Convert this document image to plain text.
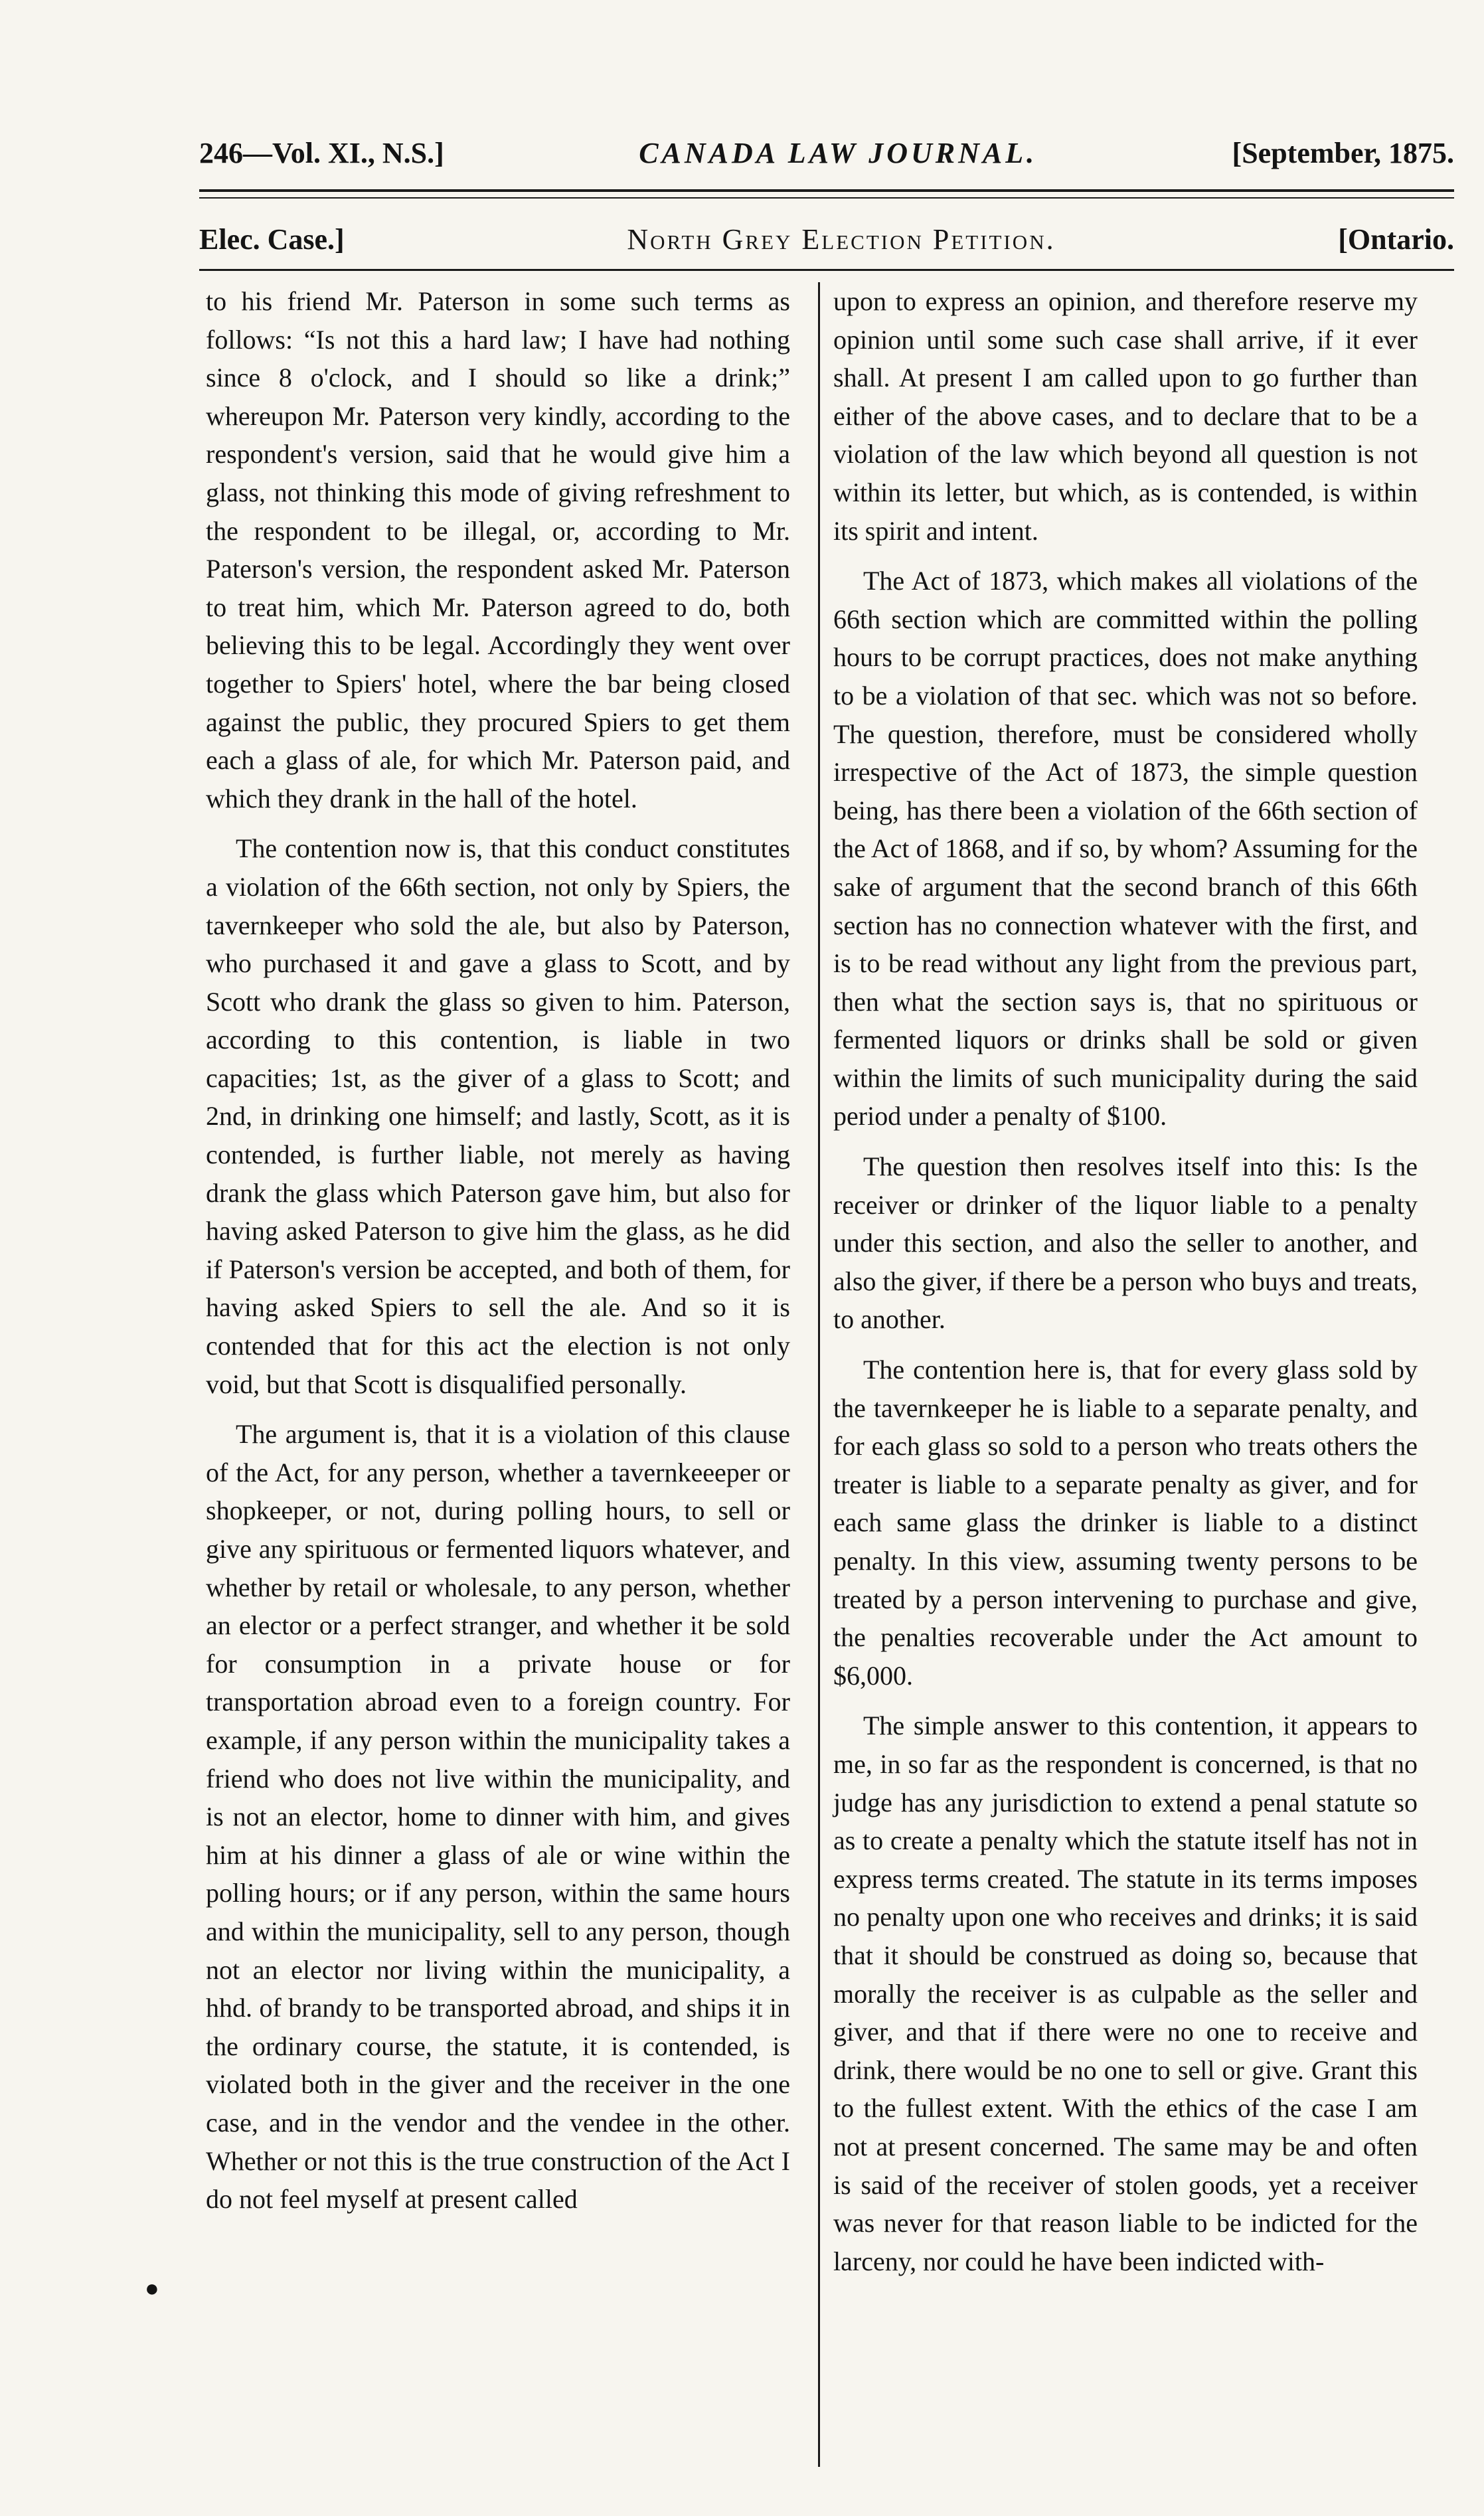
246—Vol. XI., N.S.]	CANADA LAW JOURNAL.	[September, 1875.
Elec. Case.]	North Grey Election Petition.	[Ontario.

to his friend Mr. Paterson in some such terms as follows: “Is not this a hard law; I have had nothing since 8 o'clock, and I should so like a drink;” whereupon Mr. Paterson very kindly, according to the respondent's version, said that he would give him a glass, not thinking this mode of giving refreshment to the respondent to be illegal, or, according to Mr. Paterson's version, the respondent asked Mr. Paterson to treat him, which Mr. Paterson agreed to do, both believing this to be legal. Accordingly they went over together to Spiers' hotel, where the bar being closed against the public, they procured Spiers to get them each a glass of ale, for which Mr. Paterson paid, and which they drank in the hall of the hotel.

The contention now is, that this conduct constitutes a violation of the 66th section, not only by Spiers, the tavernkeeper who sold the ale, but also by Paterson, who purchased it and gave a glass to Scott, and by Scott who drank the glass so given to him. Paterson, according to this contention, is liable in two capacities; 1st, as the giver of a glass to Scott; and 2nd, in drinking one himself; and lastly, Scott, as it is contended, is further liable, not merely as having drank the glass which Paterson gave him, but also for having asked Paterson to give him the glass, as he did if Paterson's version be accepted, and both of them, for having asked Spiers to sell the ale. And so it is contended that for this act the election is not only void, but that Scott is disqualified personally.

The argument is, that it is a violation of this clause of the Act, for any person, whether a tavernkeeeper or shopkeeper, or not, during polling hours, to sell or give any spirituous or fermented liquors whatever, and whether by retail or wholesale, to any person, whether an elector or a perfect stranger, and whether it be sold for consumption in a private house or for transportation abroad even to a foreign country. For example, if any person within the municipality takes a friend who does not live within the municipality, and is not an elector, home to dinner with him, and gives him at his dinner a glass of ale or wine within the polling hours; or if any person, within the same hours and within the municipality, sell to any person, though not an elector nor living within the municipality, a hhd. of brandy to be transported abroad, and ships it in the ordinary course, the statute, it is contended, is violated both in the giver and the receiver in the one case, and in the vendor and the vendee in the other. Whether or not this is the true construction of the Act I do not feel myself at present called

upon to express an opinion, and therefore reserve my opinion until some such case shall arrive, if it ever shall. At present I am called upon to go further than either of the above cases, and to declare that to be a violation of the law which beyond all question is not within its letter, but which, as is contended, is within its spirit and intent.

The Act of 1873, which makes all violations of the 66th section which are committed within the polling hours to be corrupt practices, does not make anything to be a violation of that sec. which was not so before. The question, therefore, must be considered wholly irrespective of the Act of 1873, the simple question being, has there been a violation of the 66th section of the Act of 1868, and if so, by whom? Assuming for the sake of argument that the second branch of this 66th section has no connection whatever with the first, and is to be read without any light from the previous part, then what the section says is, that no spirituous or fermented liquors or drinks shall be sold or given within the limits of such municipality during the said period under a penalty of $100.

The question then resolves itself into this: Is the receiver or drinker of the liquor liable to a penalty under this section, and also the seller to another, and also the giver, if there be a person who buys and treats, to another.

The contention here is, that for every glass sold by the tavernkeeper he is liable to a separate penalty, and for each glass so sold to a person who treats others the treater is liable to a separate penalty as giver, and for each same glass the drinker is liable to a distinct penalty. In this view, assuming twenty persons to be treated by a person intervening to purchase and give, the penalties recoverable under the Act amount to $6,000.

The simple answer to this contention, it appears to me, in so far as the respondent is concerned, is that no judge has any jurisdiction to extend a penal statute so as to create a penalty which the statute itself has not in express terms created. The statute in its terms imposes no penalty upon one who receives and drinks; it is said that it should be construed as doing so, because that morally the receiver is as culpable as the seller and giver, and that if there were no one to receive and drink, there would be no one to sell or give. Grant this to the fullest extent. With the ethics of the case I am not at present concerned. The same may be and often is said of the receiver of stolen goods, yet a receiver was never for that reason liable to be indicted for the larceny, nor could he have been indicted with-

●
